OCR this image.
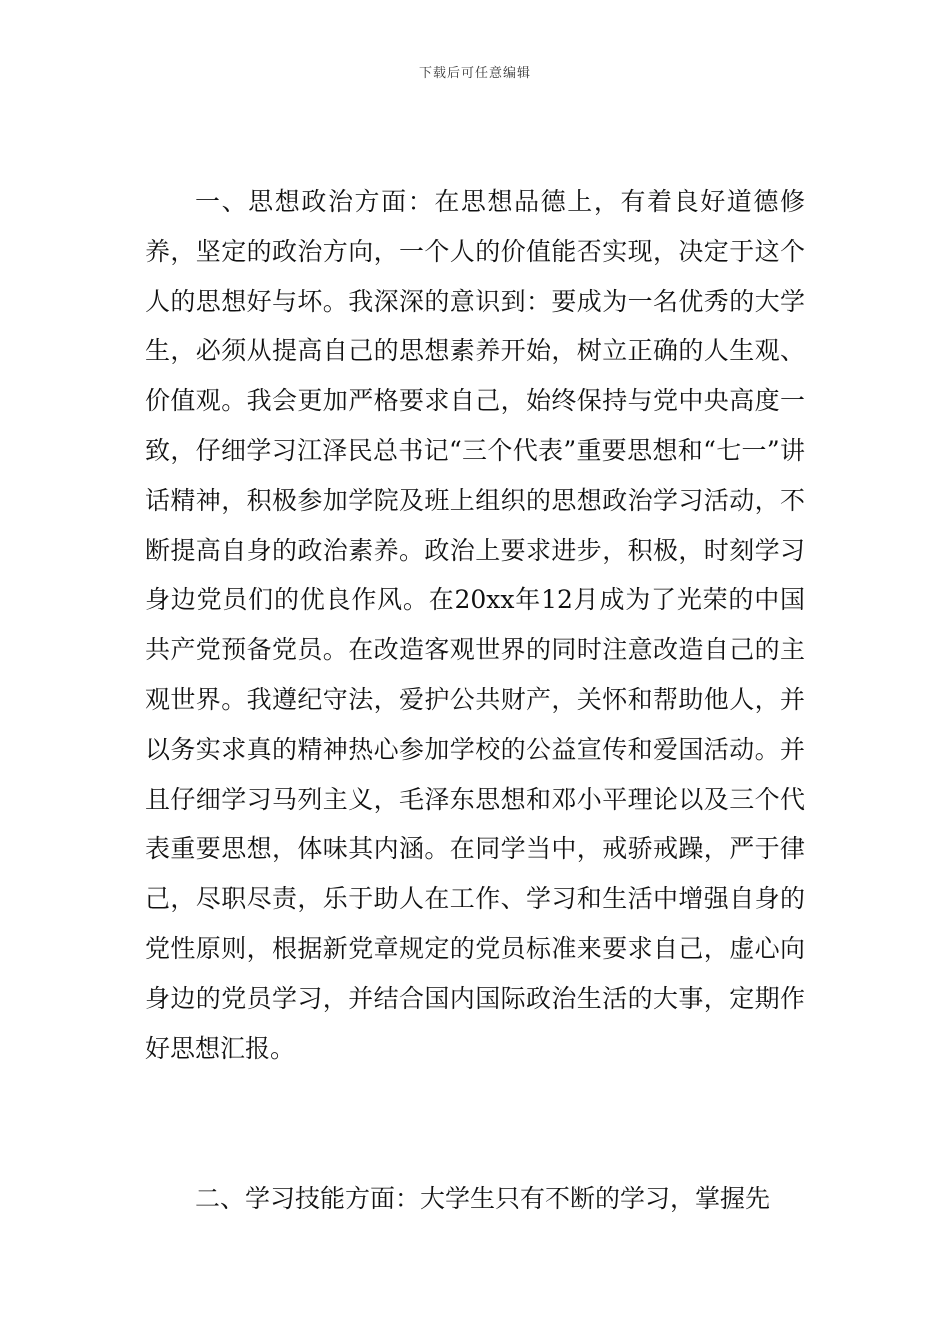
下载后可任意编辑

一、思想政治方面：在思想品德上，有着良好道德修养，坚定的政治方向，一个人的价值能否实现，决定于这个人的思想好与坏。我深深的意识到：要成为一名优秀的大学生，必须从提高自己的思想素养开始，树立正确的人生观、价值观。我会更加严格要求自己，始终保持与党中央高度一致，仔细学习江泽民总书记“三个代表”重要思想和“七一”讲话精神，积极参加学院及班上组织的思想政治学习活动，不断提高自身的政治素养。政治上要求进步，积极，时刻学习身边党员们的优良作风。在20xx年12月成为了光荣的中国共产党预备党员。在改造客观世界的同时注意改造自己的主观世界。我遵纪守法，爱护公共财产，关怀和帮助他人，并以务实求真的精神热心参加学校的公益宣传和爱国活动。并且仔细学习马列主义，毛泽东思想和邓小平理论以及三个代表重要思想，体味其内涵。在同学当中，戒骄戒躁，严于律己，尽职尽责，乐于助人在工作、学习和生活中增强自身的党性原则，根据新党章规定的党员标准来要求自己，虚心向身边的党员学习，并结合国内国际政治生活的大事，定期作好思想汇报。

二、学习技能方面：大学生只有不断的学习，掌握先
